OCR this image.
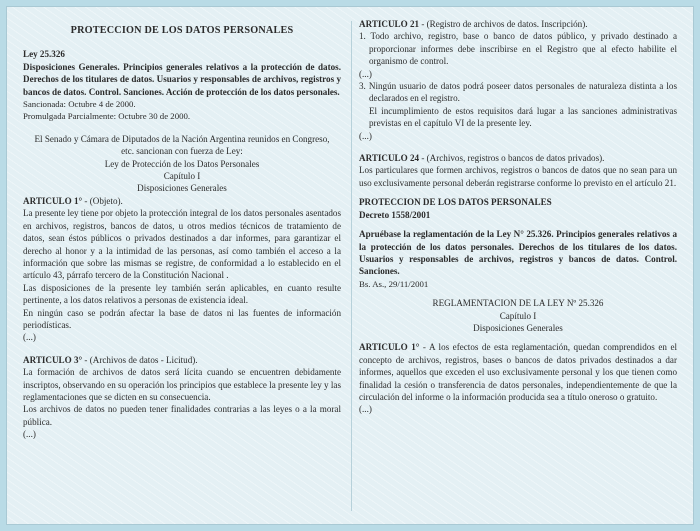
PROTECCION DE LOS DATOS PERSONALES

Ley 25.326

Disposiciones Generales. Principios generales relativos a la protección de datos. Derechos de los titulares de datos. Usuarios y responsables de archivos, registros y bancos de datos. Control. Sanciones. Acción de protección de los datos personales.

Sancionada: Octubre 4 de 2000.

Promulgada Parcialmente: Octubre 30 de 2000.

El Senado y Cámara de Diputados de la Nación Argentina reunidos en Congreso,

etc. sancionan con fuerza de Ley:

Ley de Protección de los Datos Personales

Capítulo I

Disposiciones Generales

ARTICULO 1° - (Objeto).

La presente ley tiene por objeto la protección integral de los datos personales asentados en archivos, registros, bancos de datos, u otros medios técnicos de tratamiento de datos, sean éstos públicos o privados destinados a dar informes, para garantizar el derecho al honor y a la intimidad de las personas, así como también el acceso a la información que sobre las mismas se registre, de conformidad a lo establecido en el artículo 43, párrafo tercero de la Constitución Nacional .

Las disposiciones de la presente ley también serán aplicables, en cuanto resulte pertinente, a los datos relativos a personas de existencia ideal.

En ningún caso se podrán afectar la base de datos ni las fuentes de información periodísticas.

(...)

ARTICULO 3° - (Archivos de datos - Licitud).

La formación de archivos de datos será lícita cuando se encuentren debidamente inscriptos, observando en su operación los principios que establece la presente ley y las reglamentaciones que se dicten en su consecuencia.

Los archivos de datos no pueden tener finalidades contrarias a las leyes o a la moral pública.

(...)

ARTICULO 21 - (Registro de archivos de datos. Inscripción).

1. Todo archivo, registro, base o banco de datos público, y privado destinado a proporcionar informes debe inscribirse en el Registro que al efecto habilite el organismo de control.

(...)

3. Ningún usuario de datos podrá poseer datos personales de naturaleza distinta a los declarados en el registro.

El incumplimiento de estos requisitos dará lugar a las sanciones administrativas previstas en el capítulo VI de la presente ley.

(...)

ARTICULO 24 - (Archivos, registros o bancos de datos privados).

Los particulares que formen archivos, registros o bancos de datos que no sean para un uso exclusivamente personal deberán registrarse conforme lo previsto en el artículo 21.

PROTECCION DE LOS DATOS PERSONALES

Decreto 1558/2001

Apruébase la reglamentación de la Ley N° 25.326. Principios generales relativos a la protección de los datos personales. Derechos de los titulares de los datos. Usuarios y responsables de archivos, registros y bancos de datos. Control. Sanciones.

Bs. As., 29/11/2001

REGLAMENTACION DE LA LEY Nº 25.326

Capítulo I

Disposiciones Generales

ARTICULO 1° - A los efectos de esta reglamentación, quedan comprendidos en el concepto de archivos, registros, bases o bancos de datos privados destinados a dar informes, aquellos que exceden el uso exclusivamente personal y los que tienen como finalidad la cesión o transferencia de datos personales, independientemente de que la circulación del informe o la información producida sea a título oneroso o gratuito.

(...)
